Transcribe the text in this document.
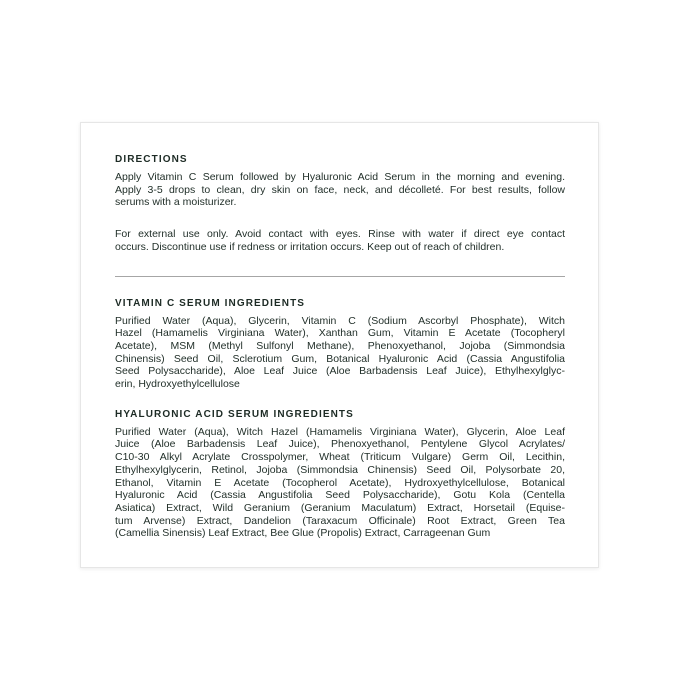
DIRECTIONS
Apply Vitamin C Serum followed by Hyaluronic Acid Serum in the morning and evening.
Apply 3-5 drops to clean, dry skin on face, neck, and décolleté. For best results, follow
serums with a moisturizer.
For external use only. Avoid contact with eyes. Rinse with water if direct eye contact
occurs. Discontinue use if redness or irritation occurs. Keep out of reach of children.
VITAMIN C SERUM INGREDIENTS
Purified Water (Aqua), Glycerin, Vitamin C (Sodium Ascorbyl Phosphate), Witch
Hazel (Hamamelis Virginiana Water), Xanthan Gum, Vitamin E Acetate (Tocopheryl
Acetate), MSM (Methyl Sulfonyl Methane), Phenoxyethanol, Jojoba (Simmondsia
Chinensis) Seed Oil, Sclerotium Gum, Botanical Hyaluronic Acid (Cassia Angustifolia
Seed Polysaccharide), Aloe Leaf Juice (Aloe Barbadensis Leaf Juice), Ethylhexylglyc-
erin, Hydroxyethylcellulose
HYALURONIC ACID SERUM INGREDIENTS
Purified Water (Aqua), Witch Hazel (Hamamelis Virginiana Water), Glycerin, Aloe Leaf
Juice (Aloe Barbadensis Leaf Juice), Phenoxyethanol, Pentylene Glycol Acrylates/
C10-30 Alkyl Acrylate Crosspolymer, Wheat (Triticum Vulgare) Germ Oil, Lecithin,
Ethylhexylglycerin, Retinol, Jojoba (Simmondsia Chinensis) Seed Oil, Polysorbate 20,
Ethanol, Vitamin E Acetate (Tocopherol Acetate), Hydroxyethylcellulose, Botanical
Hyaluronic Acid (Cassia Angustifolia Seed Polysaccharide), Gotu Kola (Centella
Asiatica) Extract, Wild Geranium (Geranium Maculatum) Extract, Horsetail (Equise-
tum Arvense) Extract, Dandelion (Taraxacum Officinale) Root Extract, Green Tea
(Camellia Sinensis) Leaf Extract, Bee Glue (Propolis) Extract, Carrageenan Gum
